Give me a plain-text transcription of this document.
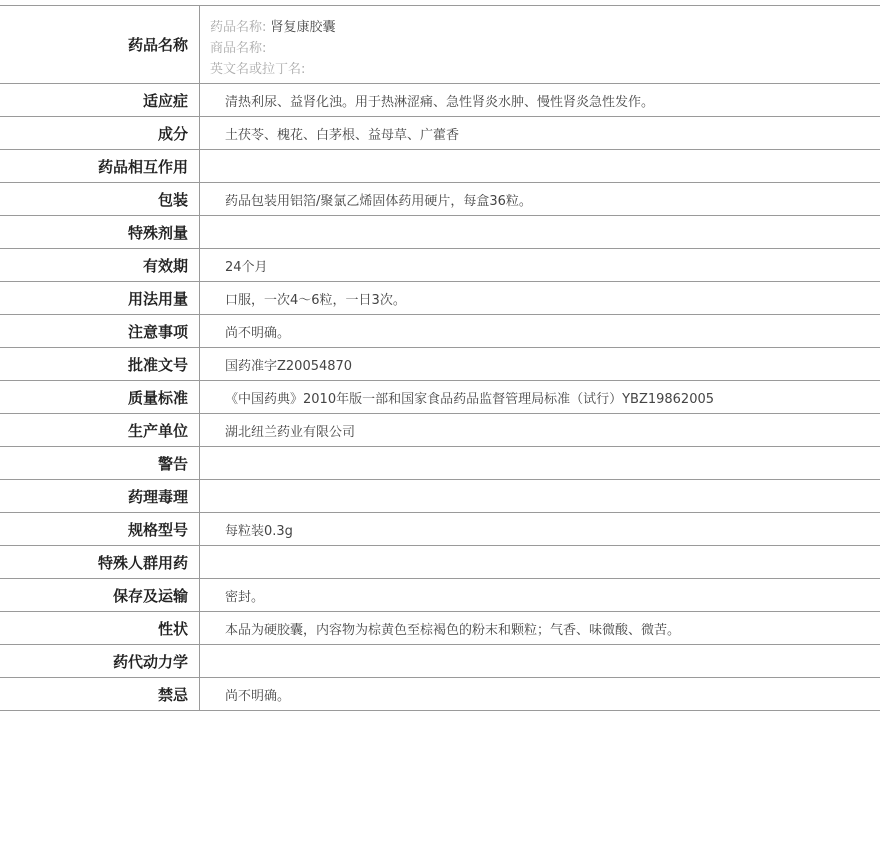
药品名称
药品名称: 肾复康胶囊
商品名称:
英文名或拉丁名:
适应症	清热利尿、益肾化浊。用于热淋涩痛、急性肾炎水肿、慢性肾炎急性发作。
成分	土茯苓、槐花、白茅根、益母草、广藿香
药品相互作用
包装	药品包装用铝箔/聚氯乙烯固体药用硬片，每盒36粒。
特殊剂量
有效期	24个月
用法用量	口服，一次4～6粒，一日3次。
注意事项	尚不明确。
批准文号	国药准字Z20054870
质量标准	《中国药典》2010年版一部和国家食品药品监督管理局标准（试行）YBZ19862005
生产单位	湖北纽兰药业有限公司
警告
药理毒理
规格型号	每粒装0.3g
特殊人群用药
保存及运输	密封。
性状	本品为硬胶囊，内容物为棕黄色至棕褐色的粉末和颗粒；气香、味微酸、微苦。
药代动力学
禁忌	尚不明确。
